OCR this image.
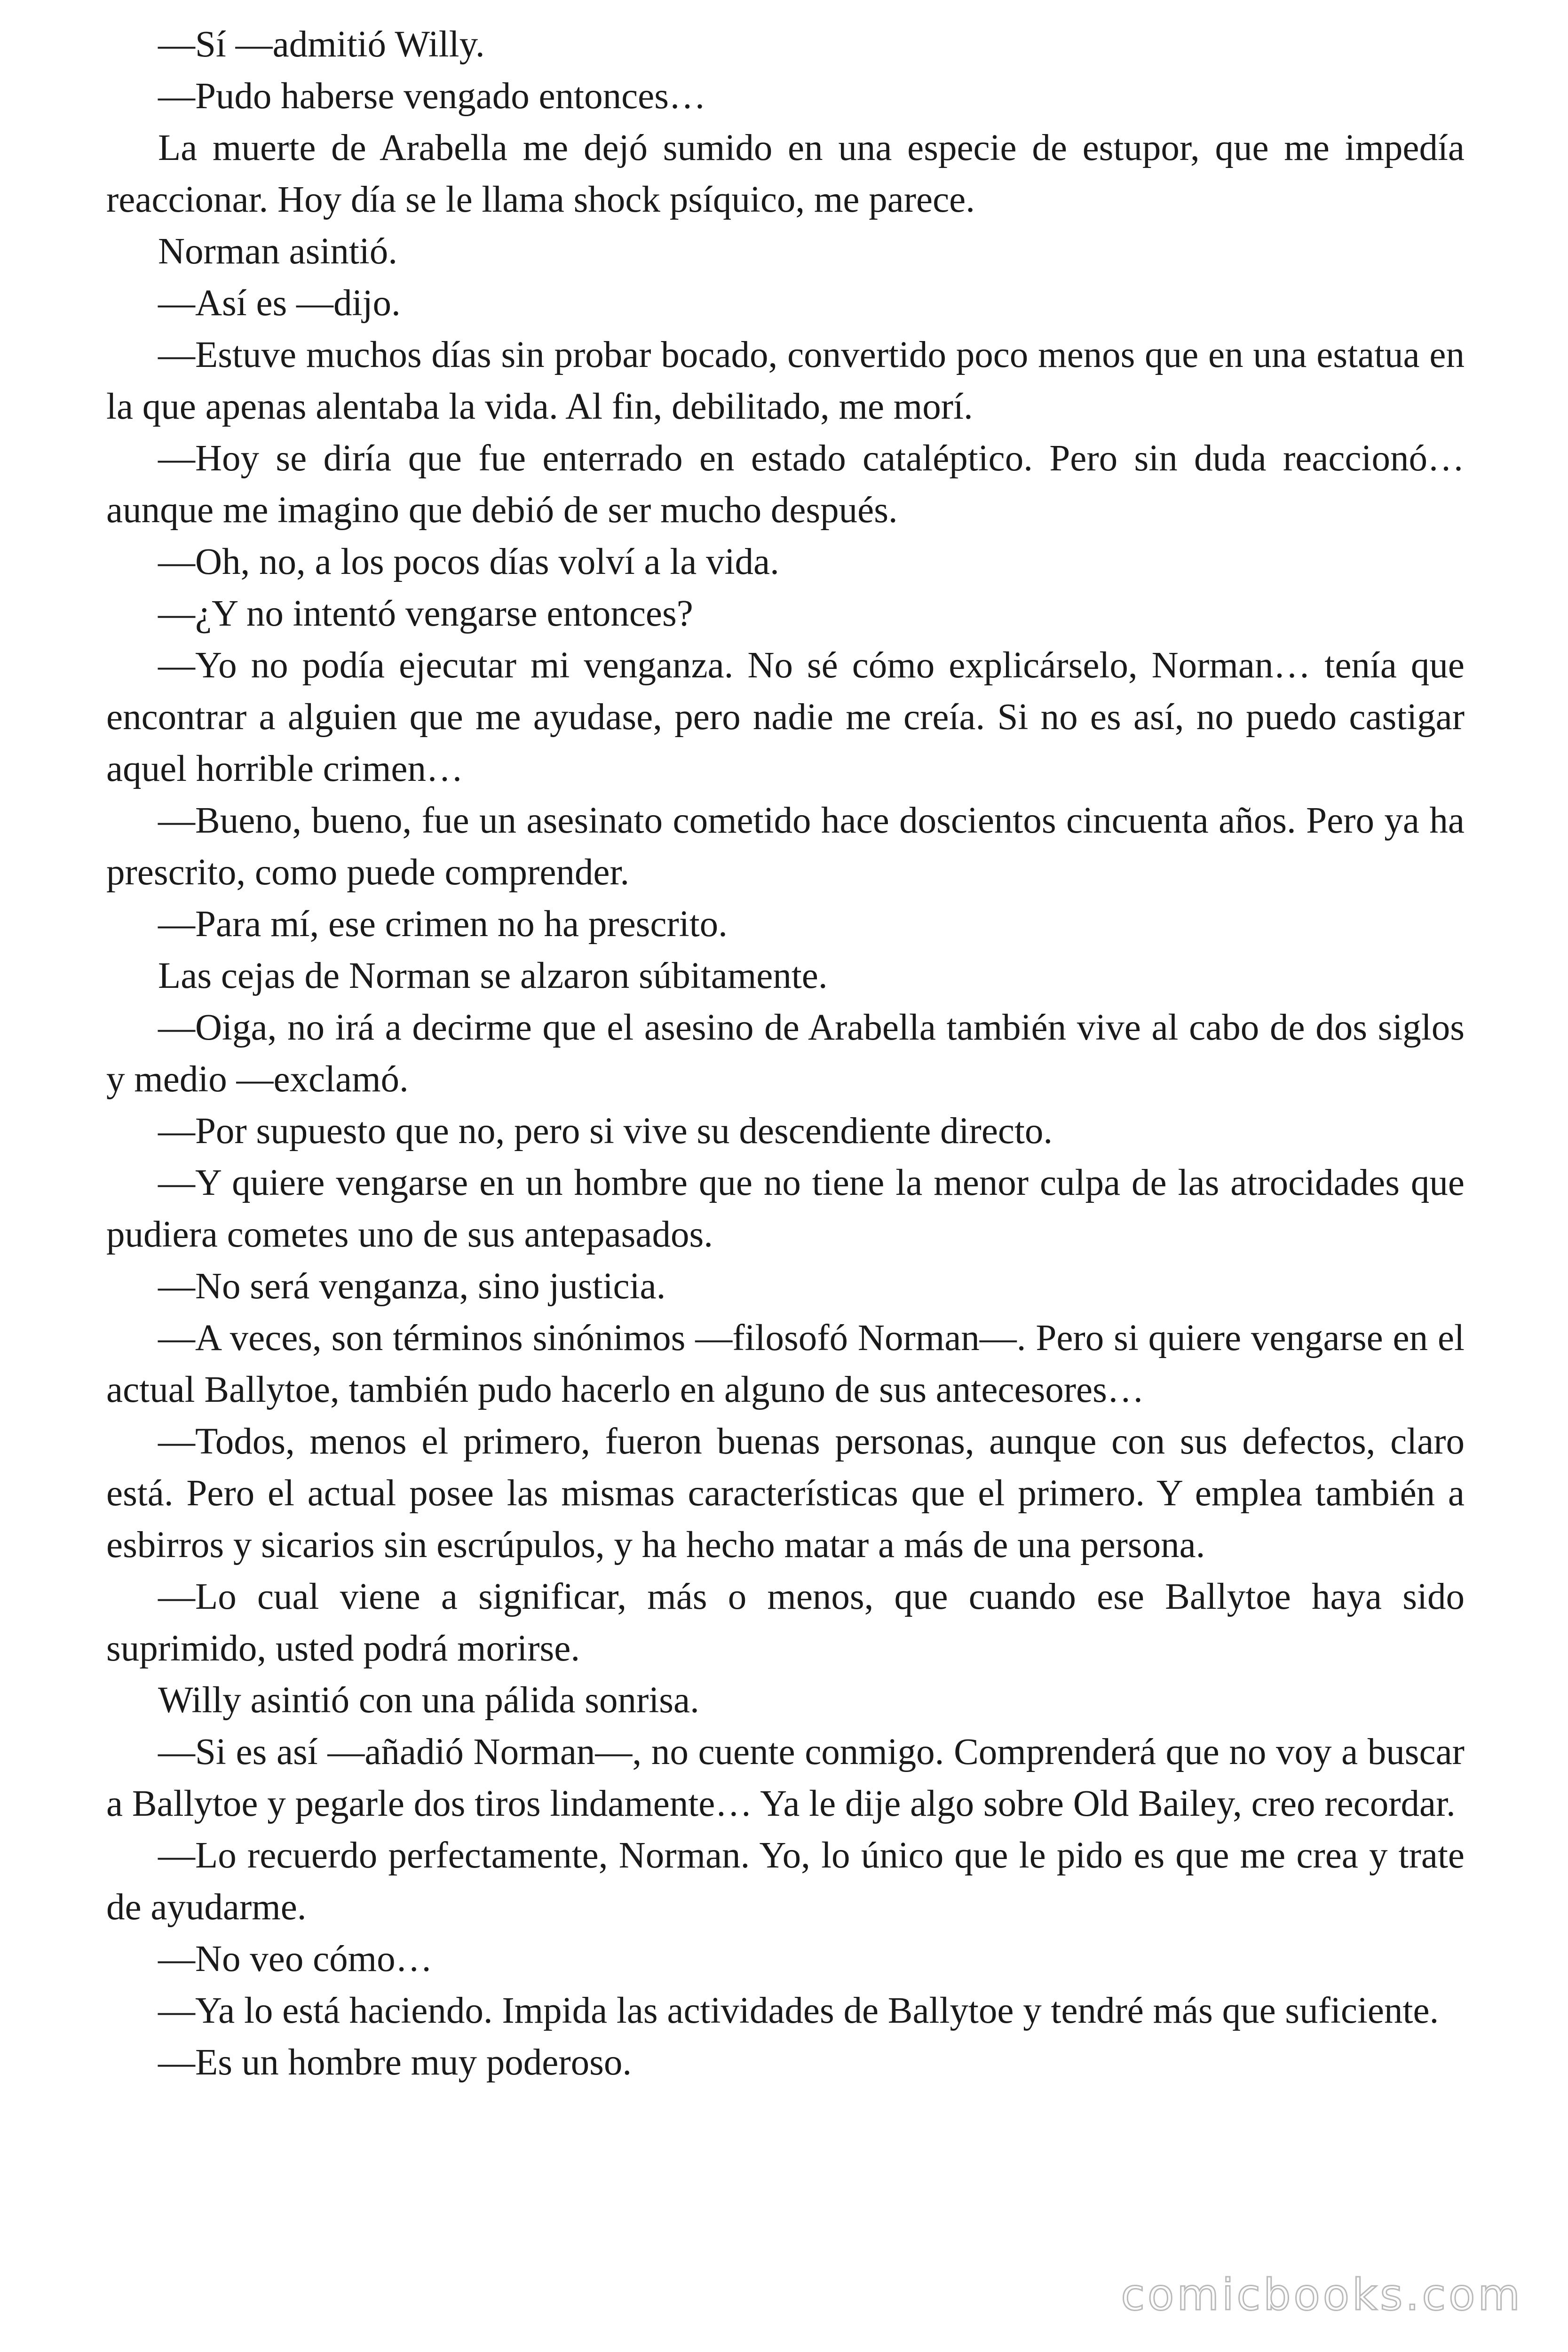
—Sí —admitió Willy.

—Pudo haberse vengado entonces…

La muerte de Arabella me dejó sumido en una especie de estupor, que me impedía reaccionar. Hoy día se le llama shock psíquico, me parece.

Norman asintió.

—Así es —dijo.

—Estuve muchos días sin probar bocado, convertido poco menos que en una estatua en la que apenas alentaba la vida. Al fin, debilitado, me morí.

—Hoy se diría que fue enterrado en estado cataléptico. Pero sin duda reaccionó… aunque me imagino que debió de ser mucho después.

—Oh, no, a los pocos días volví a la vida.

—¿Y no intentó vengarse entonces?

—Yo no podía ejecutar mi venganza. No sé cómo explicárselo, Norman… tenía que encontrar a alguien que me ayudase, pero nadie me creía. Si no es así, no puedo castigar aquel horrible crimen…

—Bueno, bueno, fue un asesinato cometido hace doscientos cincuenta años. Pero ya ha prescrito, como puede comprender.

—Para mí, ese crimen no ha prescrito.

Las cejas de Norman se alzaron súbitamente.

—Oiga, no irá a decirme que el asesino de Arabella también vive al cabo de dos siglos y medio —exclamó.

—Por supuesto que no, pero si vive su descendiente directo.

—Y quiere vengarse en un hombre que no tiene la menor culpa de las atrocidades que pudiera cometes uno de sus antepasados.

—No será venganza, sino justicia.

—A veces, son términos sinónimos —filosofó Norman—. Pero si quiere vengarse en el actual Ballytoe, también pudo hacerlo en alguno de sus antecesores…

—Todos, menos el primero, fueron buenas personas, aunque con sus defectos, claro está. Pero el actual posee las mismas características que el primero. Y emplea también a esbirros y sicarios sin escrúpulos, y ha hecho matar a más de una persona.

—Lo cual viene a significar, más o menos, que cuando ese Ballytoe haya sido suprimido, usted podrá morirse.

Willy asintió con una pálida sonrisa.

—Si es así —añadió Norman—, no cuente conmigo. Comprenderá que no voy a buscar a Ballytoe y pegarle dos tiros lindamente… Ya le dije algo sobre Old Bailey, creo recordar.

—Lo recuerdo perfectamente, Norman. Yo, lo único que le pido es que me crea y trate de ayudarme.

—No veo cómo…

—Ya lo está haciendo. Impida las actividades de Ballytoe y tendré más que suficiente.

—Es un hombre muy poderoso.

comicbooks.com
